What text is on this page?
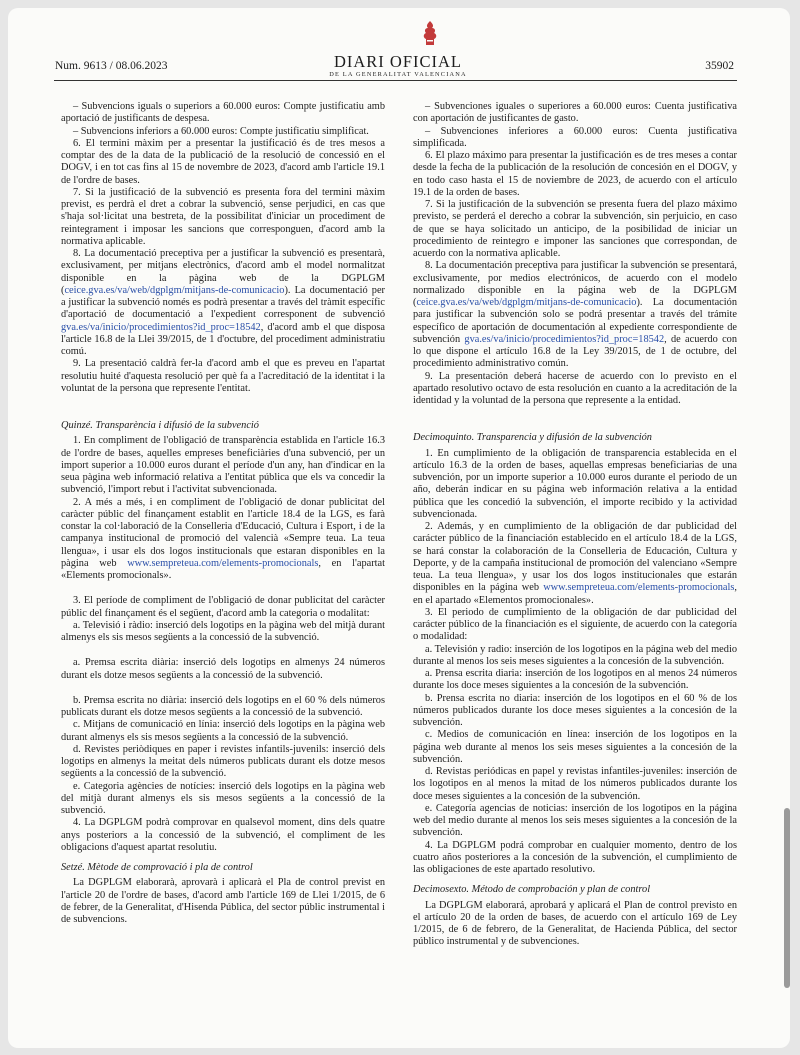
Num. 9613 / 08.06.2023	DIARI OFICIAL
DE LA GENERALITAT VALENCIANA
35902

– Subvencions iguals o superiors a 60.000 euros: Compte justificatiu amb aportació de justificants de despesa.

– Subvencions inferiors a 60.000 euros: Compte justificatiu simplificat.

6. El termini màxim per a presentar la justificació és de tres mesos a comptar des de la data de la publicació de la resolució de concessió en el DOGV, i en tot cas fins al 15 de novembre de 2023, d'acord amb l'article 19.1 de l'ordre de bases.

7. Si la justificació de la subvenció es presenta fora del termini màxim previst, es perdrà el dret a cobrar la subvenció, sense perjudici, en cas que s'haja sol·licitat una bestreta, de la possibilitat d'iniciar un procediment de reintegrament i imposar les sancions que corresponguen, d'acord amb la normativa aplicable.

8. La documentació preceptiva per a justificar la subvenció es presentarà, exclusivament, per mitjans electrònics, d'acord amb el model normalitzat disponible en la pàgina web de la DGPLGM (ceice.gva.es/va/web/dgplgm/mitjans-de-comunicacio). La documentació per a justificar la subvenció només es podrà presentar a través del tràmit específic d'aportació de documentació a l'expedient corresponent de subvenció gva.es/va/inicio/procedimientos?id_proc=18542, d'acord amb el que disposa l'article 16.8 de la Llei 39/2015, de 1 d'octubre, del procediment administratiu comú.

9. La presentació caldrà fer-la d'acord amb el que es preveu en l'apartat resolutiu huité d'aquesta resolució per què fa a l'acreditació de la identitat i la voluntat de la persona que represente l'entitat.

Quinzé. Transparència i difusió de la subvenció

1. En compliment de l'obligació de transparència establida en l'article 16.3 de l'ordre de bases, aquelles empreses beneficiàries d'una subvenció, per un import superior a 10.000 euros durant el període d'un any, han d'indicar en la seua pàgina web informació relativa a l'entitat pública que els va concedir la subvenció, l'import rebut i l'activitat subvencionada.

2. A més a més, i en compliment de l'obligació de donar publicitat del caràcter públic del finançament establit en l'article 18.4 de la LGS, es farà constar la col·laboració de la Conselleria d'Educació, Cultura i Esport, i de la campanya institucional de promoció del valencià «Sempre teua. La teua llengua», i usar els dos logos institucionals que estaran disponibles en la pàgina web www.sempreteua.com/elements-promocionals, en l'apartat «Elements promocionals».

3. El període de compliment de l'obligació de donar publicitat del caràcter públic del finançament és el següent, d'acord amb la categoria o modalitat:

a. Televisió i ràdio: inserció dels logotips en la pàgina web del mitjà durant almenys els sis mesos següents a la concessió de la subvenció.

a. Premsa escrita diària: inserció dels logotips en almenys 24 números durant els dotze mesos següents a la concessió de la subvenció.

b. Premsa escrita no diària: inserció dels logotips en el 60 % dels números publicats durant els dotze mesos següents a la concessió de la subvenció.

c. Mitjans de comunicació en línia: inserció dels logotips en la pàgina web durant almenys els sis mesos següents a la concessió de la subvenció.

d. Revistes periòdiques en paper i revistes infantils-juvenils: inserció dels logotips en almenys la meitat dels números publicats durant els dotze mesos següents a la concessió de la subvenció.

e. Categoria agències de notícies: inserció dels logotips en la pàgina web del mitjà durant almenys els sis mesos següents a la concessió de la subvenció.

4. La DGPLGM podrà comprovar en qualsevol moment, dins dels quatre anys posteriors a la concessió de la subvenció, el compliment de les obligacions d'aquest apartat resolutiu.

Setzé. Mètode de comprovació i pla de control

La DGPLGM elaborarà, aprovarà i aplicarà el Pla de control previst en l'article 20 de l'ordre de bases, d'acord amb l'article 169 de Llei 1/2015, de 6 de febrer, de la Generalitat, d'Hisenda Pública, del sector públic instrumental i de subvencions.

– Subvenciones iguales o superiores a 60.000 euros: Cuenta justificativa con aportación de justificantes de gasto.

– Subvenciones inferiores a 60.000 euros: Cuenta justificativa simplificada.

6. El plazo máximo para presentar la justificación es de tres meses a contar desde la fecha de la publicación de la resolución de concesión en el DOGV, y en todo caso hasta el 15 de noviembre de 2023, de acuerdo con el artículo 19.1 de la orden de bases.

7. Si la justificación de la subvención se presenta fuera del plazo máximo previsto, se perderá el derecho a cobrar la subvención, sin perjuicio, en caso de que se haya solicitado un anticipo, de la posibilidad de iniciar un procedimiento de reintegro e imponer las sanciones que correspondan, de acuerdo con la normativa aplicable.

8. La documentación preceptiva para justificar la subvención se presentará, exclusivamente, por medios electrónicos, de acuerdo con el modelo normalizado disponible en la página web de la DGPLGM (ceice.gva.es/va/web/dgplgm/mitjans-de-comunicacio). La documentación para justificar la subvención solo se podrá presentar a través del trámite específico de aportación de documentación al expediente correspondiente de subvención gva.es/va/inicio/procedimientos?id_proc=18542, de acuerdo con lo que dispone el artículo 16.8 de la Ley 39/2015, de 1 de octubre, del procedimiento administrativo común.

9. La presentación deberá hacerse de acuerdo con lo previsto en el apartado resolutivo octavo de esta resolución en cuanto a la acreditación de la identidad y la voluntad de la persona que represente a la entidad.

Decimoquinto. Transparencia y difusión de la subvención

1. En cumplimiento de la obligación de transparencia establecida en el artículo 16.3 de la orden de bases, aquellas empresas beneficiarias de una subvención, por un importe superior a 10.000 euros durante el periodo de un año, deberán indicar en su página web información relativa a la entidad pública que les concedió la subvención, el importe recibido y la actividad subvencionada.

2. Además, y en cumplimiento de la obligación de dar publicidad del carácter público de la financiación establecido en el artículo 18.4 de la LGS, se hará constar la colaboración de la Conselleria de Educación, Cultura y Deporte, y de la campaña institucional de promoción del valenciano «Sempre teua. La teua llengua», y usar los dos logos institucionales que estarán disponibles en la página web www.sempreteua.com/elements-promocionals, en el apartado «Elementos promocionales».

3. El periodo de cumplimiento de la obligación de dar publicidad del carácter público de la financiación es el siguiente, de acuerdo con la categoría o modalidad:

a. Televisión y radio: inserción de los logotipos en la página web del medio durante al menos los seis meses siguientes a la concesión de la subvención.

a. Prensa escrita diaria: inserción de los logotipos en al menos 24 números durante los doce meses siguientes a la concesión de la subvención.

b. Prensa escrita no diaria: inserción de los logotipos en el 60 % de los números publicados durante los doce meses siguientes a la concesión de la subvención.

c. Medios de comunicación en línea: inserción de los logotipos en la página web durante al menos los seis meses siguientes a la concesión de la subvención.

d. Revistas periódicas en papel y revistas infantiles-juveniles: inserción de los logotipos en al menos la mitad de los números publicados durante los doce meses siguientes a la concesión de la subvención.

e. Categoría agencias de noticias: inserción de los logotipos en la página web del medio durante al menos los seis meses siguientes a la concesión de la subvención.

4. La DGPLGM podrá comprobar en cualquier momento, dentro de los cuatro años posteriores a la concesión de la subvención, el cumplimiento de las obligaciones de este apartado resolutivo.

Decimosexto. Método de comprobación y plan de control

La DGPLGM elaborará, aprobará y aplicará el Plan de control previsto en el artículo 20 de la orden de bases, de acuerdo con el artículo 169 de Ley 1/2015, de 6 de febrero, de la Generalitat, de Hacienda Pública, del sector público instrumental y de subvenciones.
